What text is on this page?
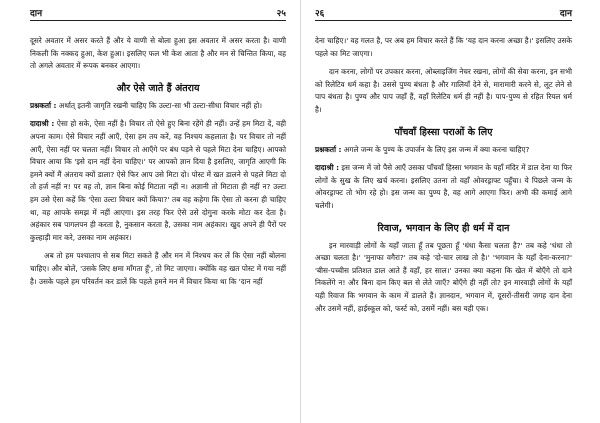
दान	२५

दूसरे अवतार में असर करते हैं और ये वाणी से बोला हुआ इस अवतार में असर करता है। वाणी निकली कि नक्कद हुआ, केश हुआ। इसलिए फल भी केश आता है और मन से चिन्तित किया, वह तो अगले अवतार में रूपक बनकर आएगा।

और ऐसे जाते हैं अंतराय

प्रश्नकर्ता : अर्थात् इतनी जागृति रखनी चाहिए कि उल्टा-सा भी उल्टा-सीधा विचार नहीं हो।

दादाश्री : ऐसा हो सके, ऐसा नहीं है। विचार तो ऐसे हुए बिना रहेंगे ही नहीं। उन्हें हम मिटा दें, वही अपना काम। ऐसे विचार नहीं आएँ, ऐसा हम तय करें, वह निश्चय कहलाता है। पर विचार तो नहीं आएँ, ऐसा नहीं पर चलता नहीं। विचार तो आएँगे पर बंध पड़ने से पहले मिटा देना चाहिए। आपको विचार आया कि 'इसे दान नहीं देना चाहिए।' पर आपको ज्ञान दिया है इसलिए, जागृति आएगी कि हमने क्यों मैं अंतराय क्यों डाला? ऐसे फिर आप उसे मिटा दो। पोस्ट में खत डालने से पहले मिटा दो तो हर्ज नहीं न! पर वह तो, ज्ञान बिना कोई मिटाता नहीं न। अज्ञानी तो मिटाता ही नहीं न? उल्टा हम उसे ऐसा कहें कि 'ऐसा उल्टा विचार क्यों किया?' तब वह कहेगा कि ऐसा तो करना ही चाहिए था, वह आपके समझ में नहीं आएगा। इस तरह फिर ऐसे उसे दोगुना करके मोटा कर देता है। अहंकार सब पागलपन ही करता है, नुकसान करता है, उसका नाम अहंकार। खुद अपने ही पैरों पर कुल्हाड़ी मार करे, उसका नाम अहंकार।

अब तो हम पश्चाताप से सब मिटा सकते हैं और मन में निश्चय कर लें कि ऐसा नहीं बोलना चाहिए। और बोलें, 'उसके लिए क्षमा माँगता हूँ', तो मिट जाएगा। क्योंकि वह खत पोस्ट में गया नहीं है। उसके पहले हम परिवर्तन कर डालें कि पहले हमने मन में विचार किया था कि 'दान नहीं

२६	दान

देना चाहिए।' वह गलत है, पर अब हम विचार करते हैं कि 'यह दान करना अच्छा है।' इसलिए उसके पहले का मिट जाएगा।

दान करना, लोगों पर उपकार करना, ओब्लाइजिंग नेचर रखना, लोगों की सेवा करना, इन सभी को रिलेटिव धर्म कहा है। उससे पुण्य बंधता है और गालियाँ देने से, मारामारी करने से, लूट लेने से पाप बंधता है। पुण्य और पाप जहाँ हैं, वहाँ रिलेटिव धर्म ही नहीं है। पाप-पुण्य से रहित रियल धर्म है।

पाँचवाँ हिस्सा पराओं के लिए

प्रश्नकर्ता : अगले जन्म के पुण्य के उपार्जन के लिए इस जन्म में क्या करना चाहिए?

दादाश्री : इस जन्म में जो पैसे आएँ उसका पाँचवाँ हिस्सा भगवान के यहाँ मंदिर में डाल देना या फिर लोगों के सुख के लिए खर्च करना। इसलिए उतना तो वहाँ ओवरड्राफ्ट पहुँचा। ये पिछले जन्म के ओवरड्राफ्ट तो भोग रहे हो। इस जन्म का पुण्य है, वह आगे आएगा फिर। अभी की कमाई आगे चलेगी।

रिवाज, भगवान के लिए ही धर्म में दान

इन मारवाड़ी लोगों के यहाँ जाता हूँ तब पूछता हूँ 'धंधा कैसा चलता है?' तब कहे 'धंधा तो अच्छा चलता है।' 'मुनाफा वगैरा?' तब कहे 'दो-चार लाख तो है।' 'भगवान के यहाँ देना-करना?' 'बीस-पच्चीस प्रतिशत डाल आते हैं वहाँ, हर साल।' उनका क्या कहना कि खेत में बोएँगे तो दाने निकलेंगे न! और बिना दान किए बल से लेते जाएँ? बोएँगे ही नहीं तो? इन मारवाड़ी लोगों के यहाँ यही रिवाज कि भगवान के काम में डालते हैं। ज्ञानदान, भगवान में, दूसरों-तीसरी जगह दान देना और उसमें नहीं, हाईस्कूल को, फर्स्ट को, उसमें नहीं। बस यही एक।
